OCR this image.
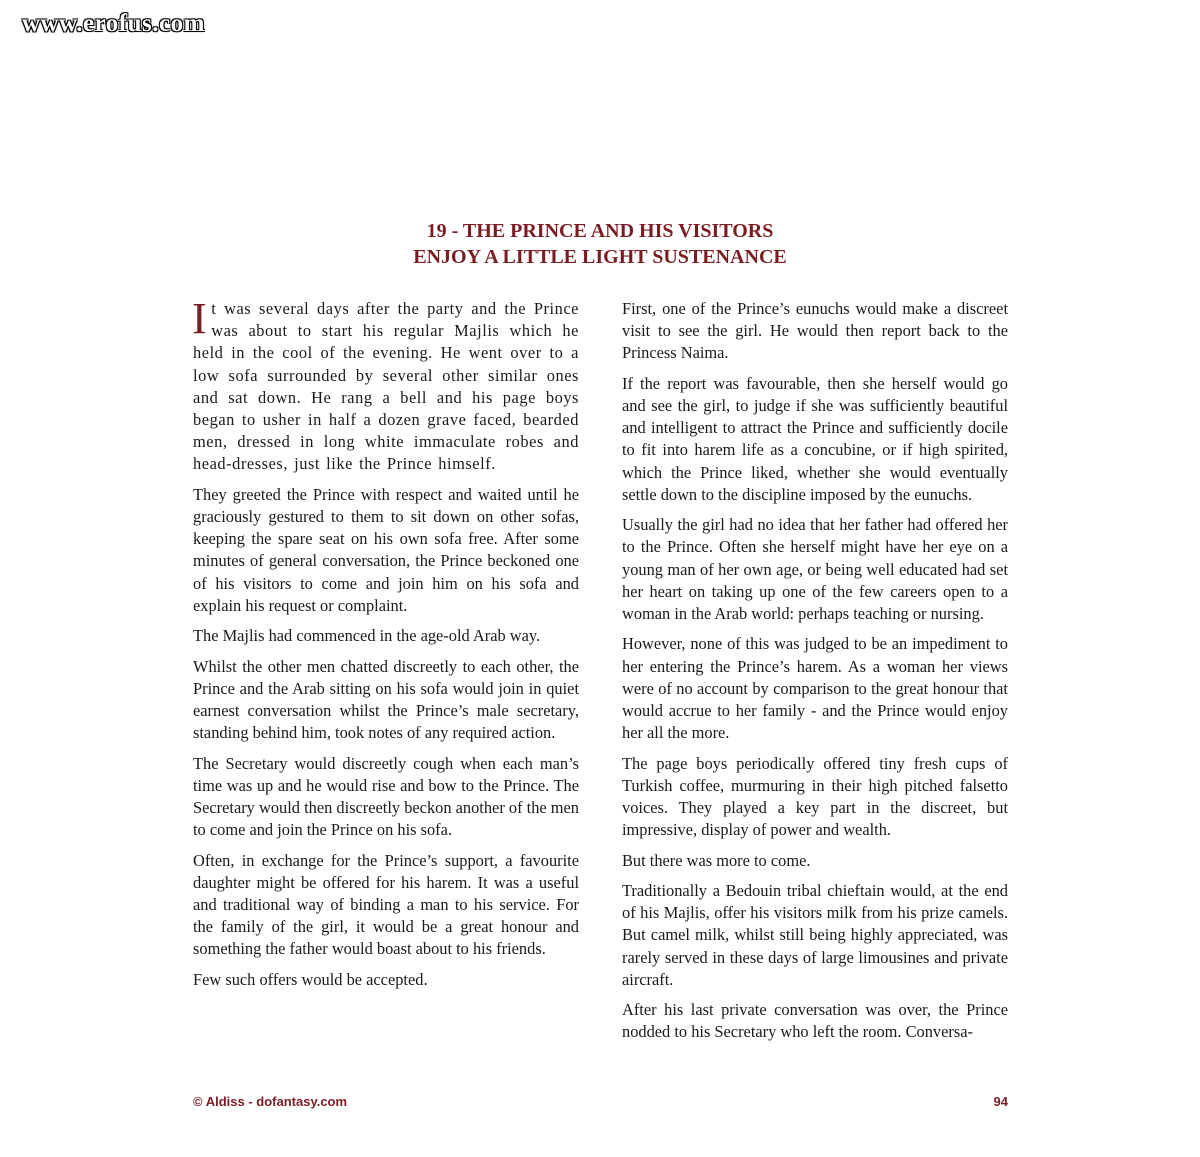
www.erofus.com
19 - THE PRINCE AND HIS VISITORS
ENJOY A LITTLE LIGHT SUSTENANCE

It was several days after the party and the Prince was about to start his regular Majlis which he held in the cool of the evening. He went over to a low sofa surrounded by several other similar ones and sat down. He rang a bell and his page boys began to usher in half a dozen grave faced, bearded men, dressed in long white immaculate robes and head-dresses, just like the Prince himself.

They greeted the Prince with respect and waited until he graciously gestured to them to sit down on other sofas, keeping the spare seat on his own sofa free. After some minutes of general conversation, the Prince beckoned one of his visitors to come and join him on his sofa and explain his request or complaint.

The Majlis had commenced in the age-old Arab way.

Whilst the other men chatted discreetly to each other, the Prince and the Arab sitting on his sofa would join in quiet earnest conversation whilst the Prince’s male secretary, standing behind him, took notes of any required action.

The Secretary would discreetly cough when each man’s time was up and he would rise and bow to the Prince. The Secretary would then discreetly beckon another of the men to come and join the Prince on his sofa.

Often, in exchange for the Prince’s support, a favourite daughter might be offered for his harem. It was a useful and traditional way of binding a man to his service. For the family of the girl, it would be a great honour and something the father would boast about to his friends.

Few such offers would be accepted.

First, one of the Prince’s eunuchs would make a discreet visit to see the girl. He would then report back to the Princess Naima.

If the report was favourable, then she herself would go and see the girl, to judge if she was sufficiently beautiful and intelligent to attract the Prince and sufficiently docile to fit into harem life as a concubine, or if high spirited, which the Prince liked, whether she would eventually settle down to the discipline imposed by the eunuchs.

Usually the girl had no idea that her father had offered her to the Prince. Often she herself might have her eye on a young man of her own age, or being well educated had set her heart on taking up one of the few careers open to a woman in the Arab world: perhaps teaching or nursing.

However, none of this was judged to be an impediment to her entering the Prince’s harem. As a woman her views were of no account by comparison to the great honour that would accrue to her family - and the Prince would enjoy her all the more.

The page boys periodically offered tiny fresh cups of Turkish coffee, murmuring in their high pitched falsetto voices. They played a key part in the discreet, but impressive, display of power and wealth.

But there was more to come.

Traditionally a Bedouin tribal chieftain would, at the end of his Majlis, offer his visitors milk from his prize camels. But camel milk, whilst still being highly appreciated, was rarely served in these days of large limousines and private aircraft.

After his last private conversation was over, the Prince nodded to his Secretary who left the room. Conversa-

© Aldiss - dofantasy.com	94
